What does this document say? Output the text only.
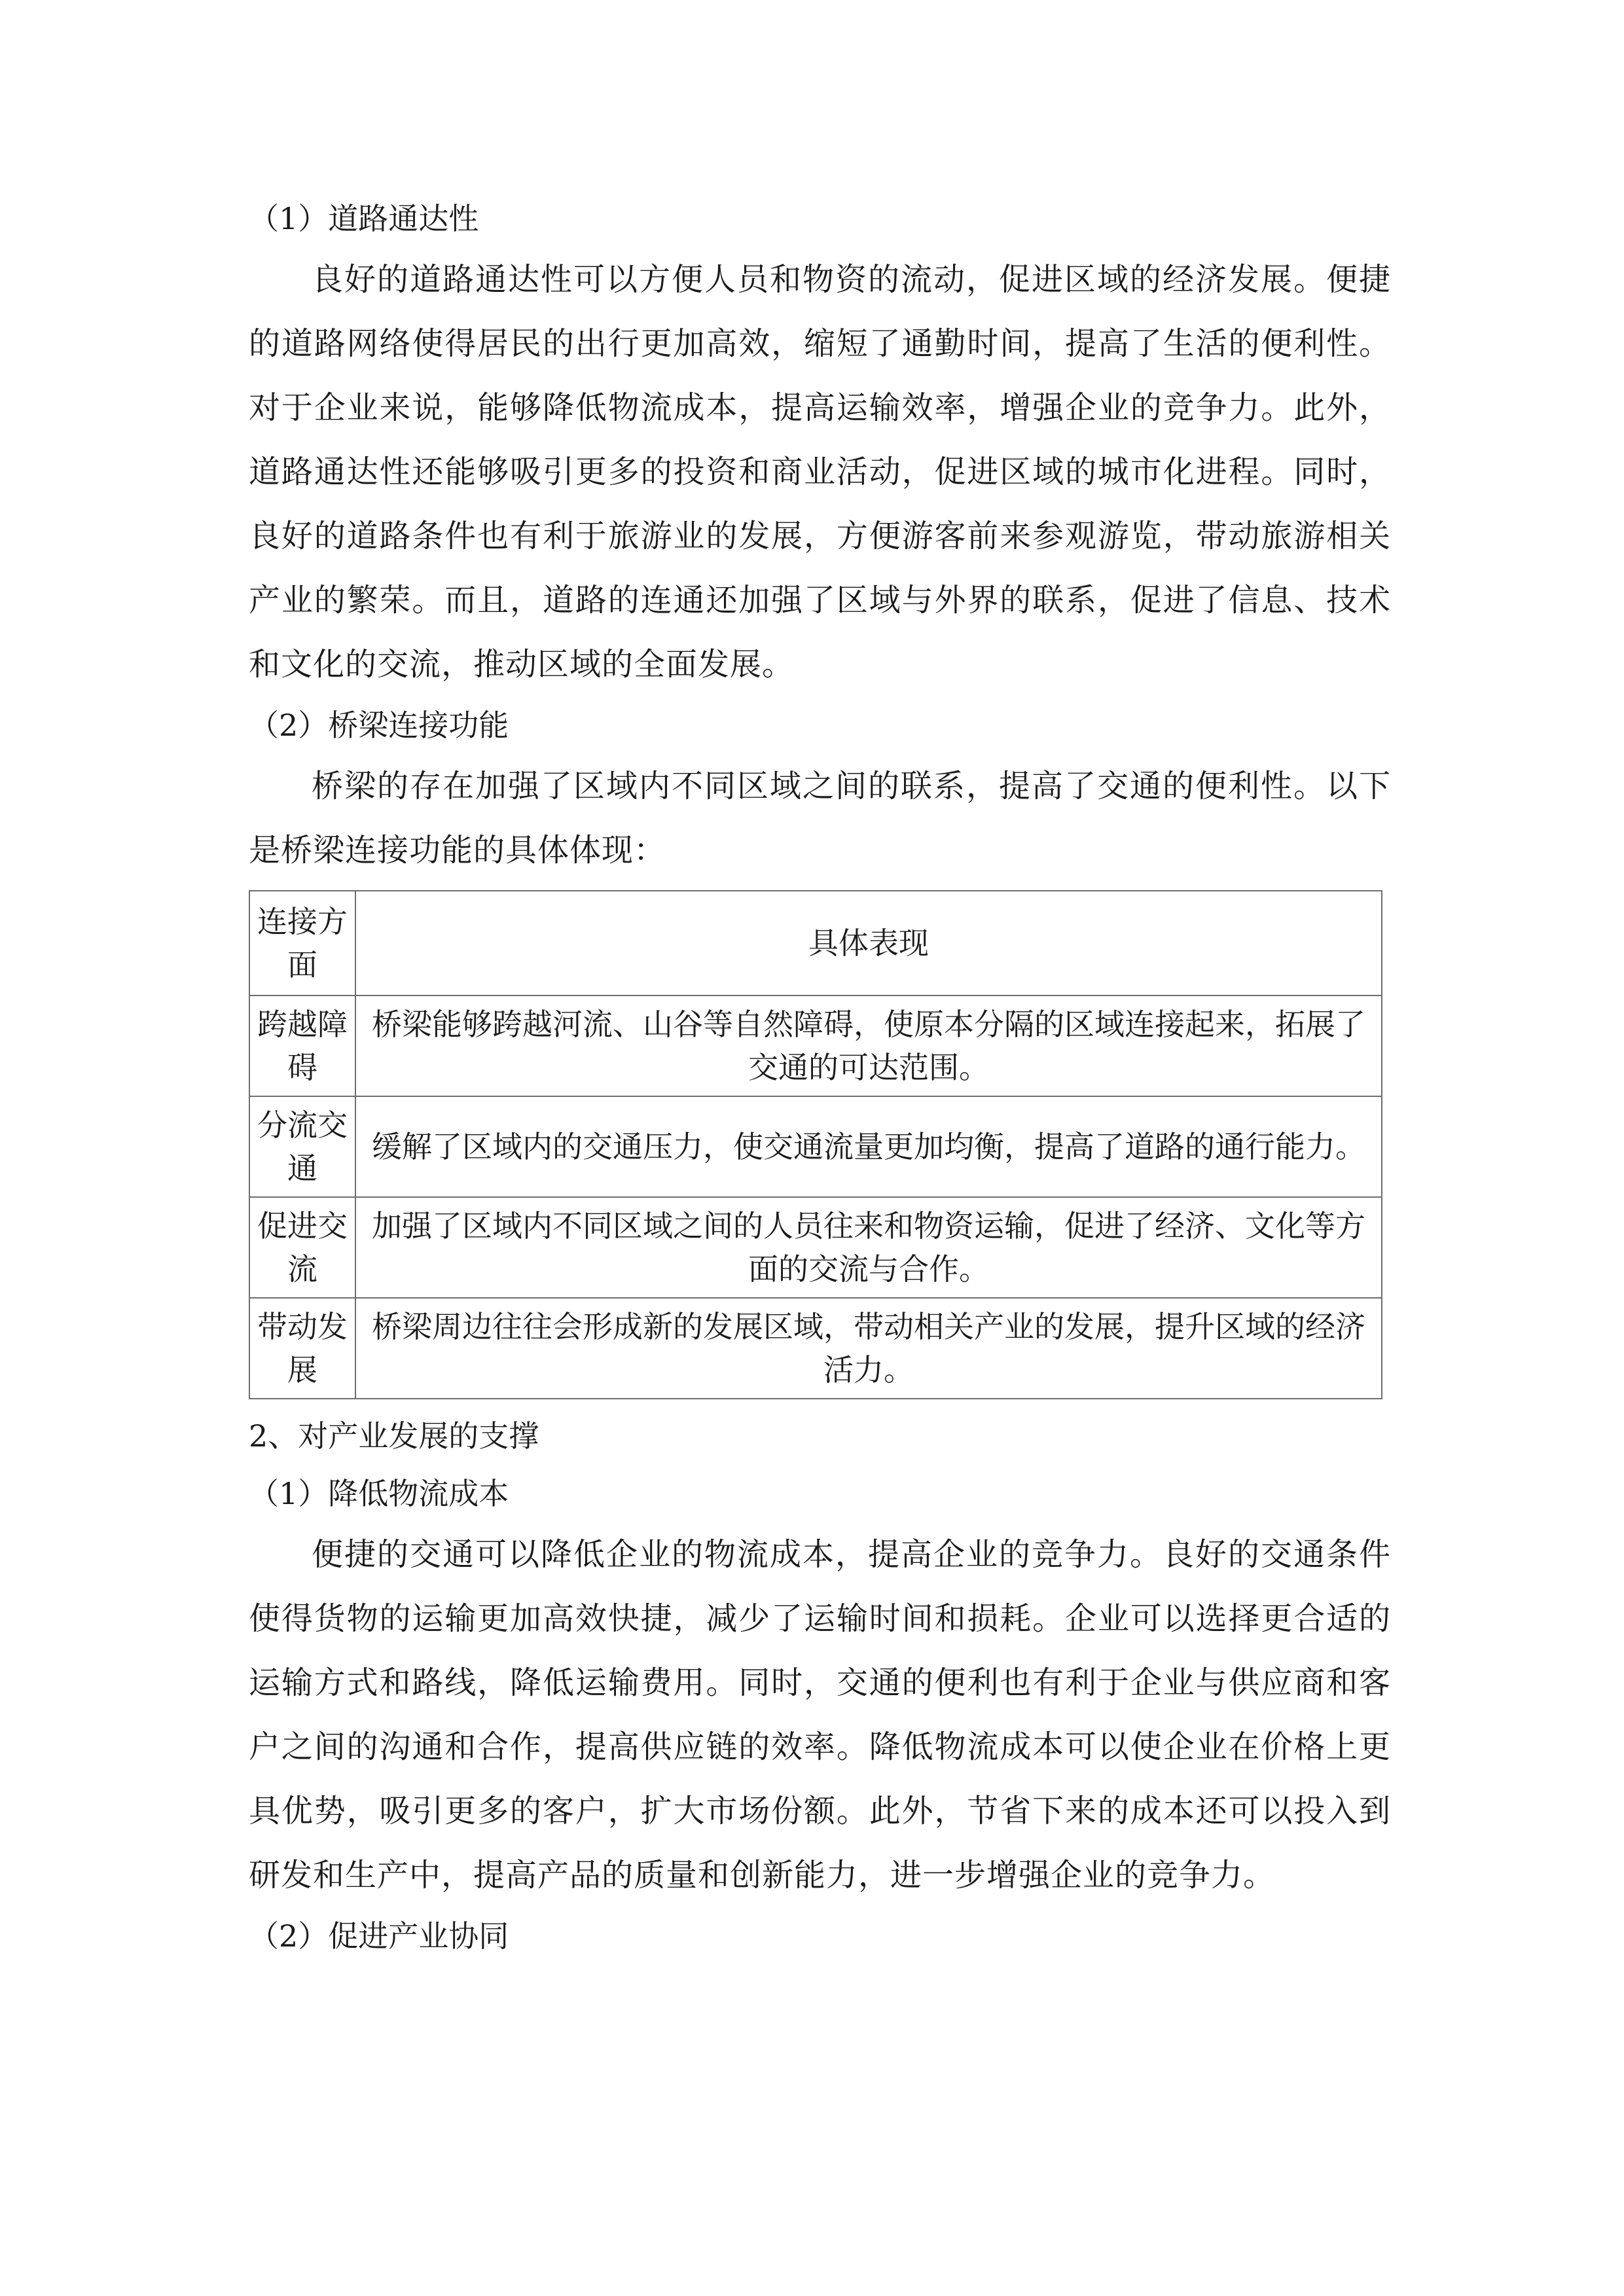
（1）道路通达性

良好的道路通达性可以方便人员和物资的流动，促进区域的经济发展。便捷的道路网络使得居民的出行更加高效，缩短了通勤时间，提高了生活的便利性。对于企业来说，能够降低物流成本，提高运输效率，增强企业的竞争力。此外，道路通达性还能够吸引更多的投资和商业活动，促进区域的城市化进程。同时，良好的道路条件也有利于旅游业的发展，方便游客前来参观游览，带动旅游相关产业的繁荣。而且，道路的连通还加强了区域与外界的联系，促进了信息、技术和文化的交流，推动区域的全面发展。

（2）桥梁连接功能

桥梁的存在加强了区域内不同区域之间的联系，提高了交通的便利性。以下是桥梁连接功能的具体体现：

连接方面	具体表现
跨越障碍	桥梁能够跨越河流、山谷等自然障碍，使原本分隔的区域连接起来，拓展了交通的可达范围。
分流交通	缓解了区域内的交通压力，使交通流量更加均衡，提高了道路的通行能力。
促进交流	加强了区域内不同区域之间的人员往来和物资运输，促进了经济、文化等方面的交流与合作。
带动发展	桥梁周边往往会形成新的发展区域，带动相关产业的发展，提升区域的经济活力。

2、对产业发展的支撑

（1）降低物流成本

便捷的交通可以降低企业的物流成本，提高企业的竞争力。良好的交通条件使得货物的运输更加高效快捷，减少了运输时间和损耗。企业可以选择更合适的运输方式和路线，降低运输费用。同时，交通的便利也有利于企业与供应商和客户之间的沟通和合作，提高供应链的效率。降低物流成本可以使企业在价格上更具优势，吸引更多的客户，扩大市场份额。此外，节省下来的成本还可以投入到研发和生产中，提高产品的质量和创新能力，进一步增强企业的竞争力。

（2）促进产业协同
